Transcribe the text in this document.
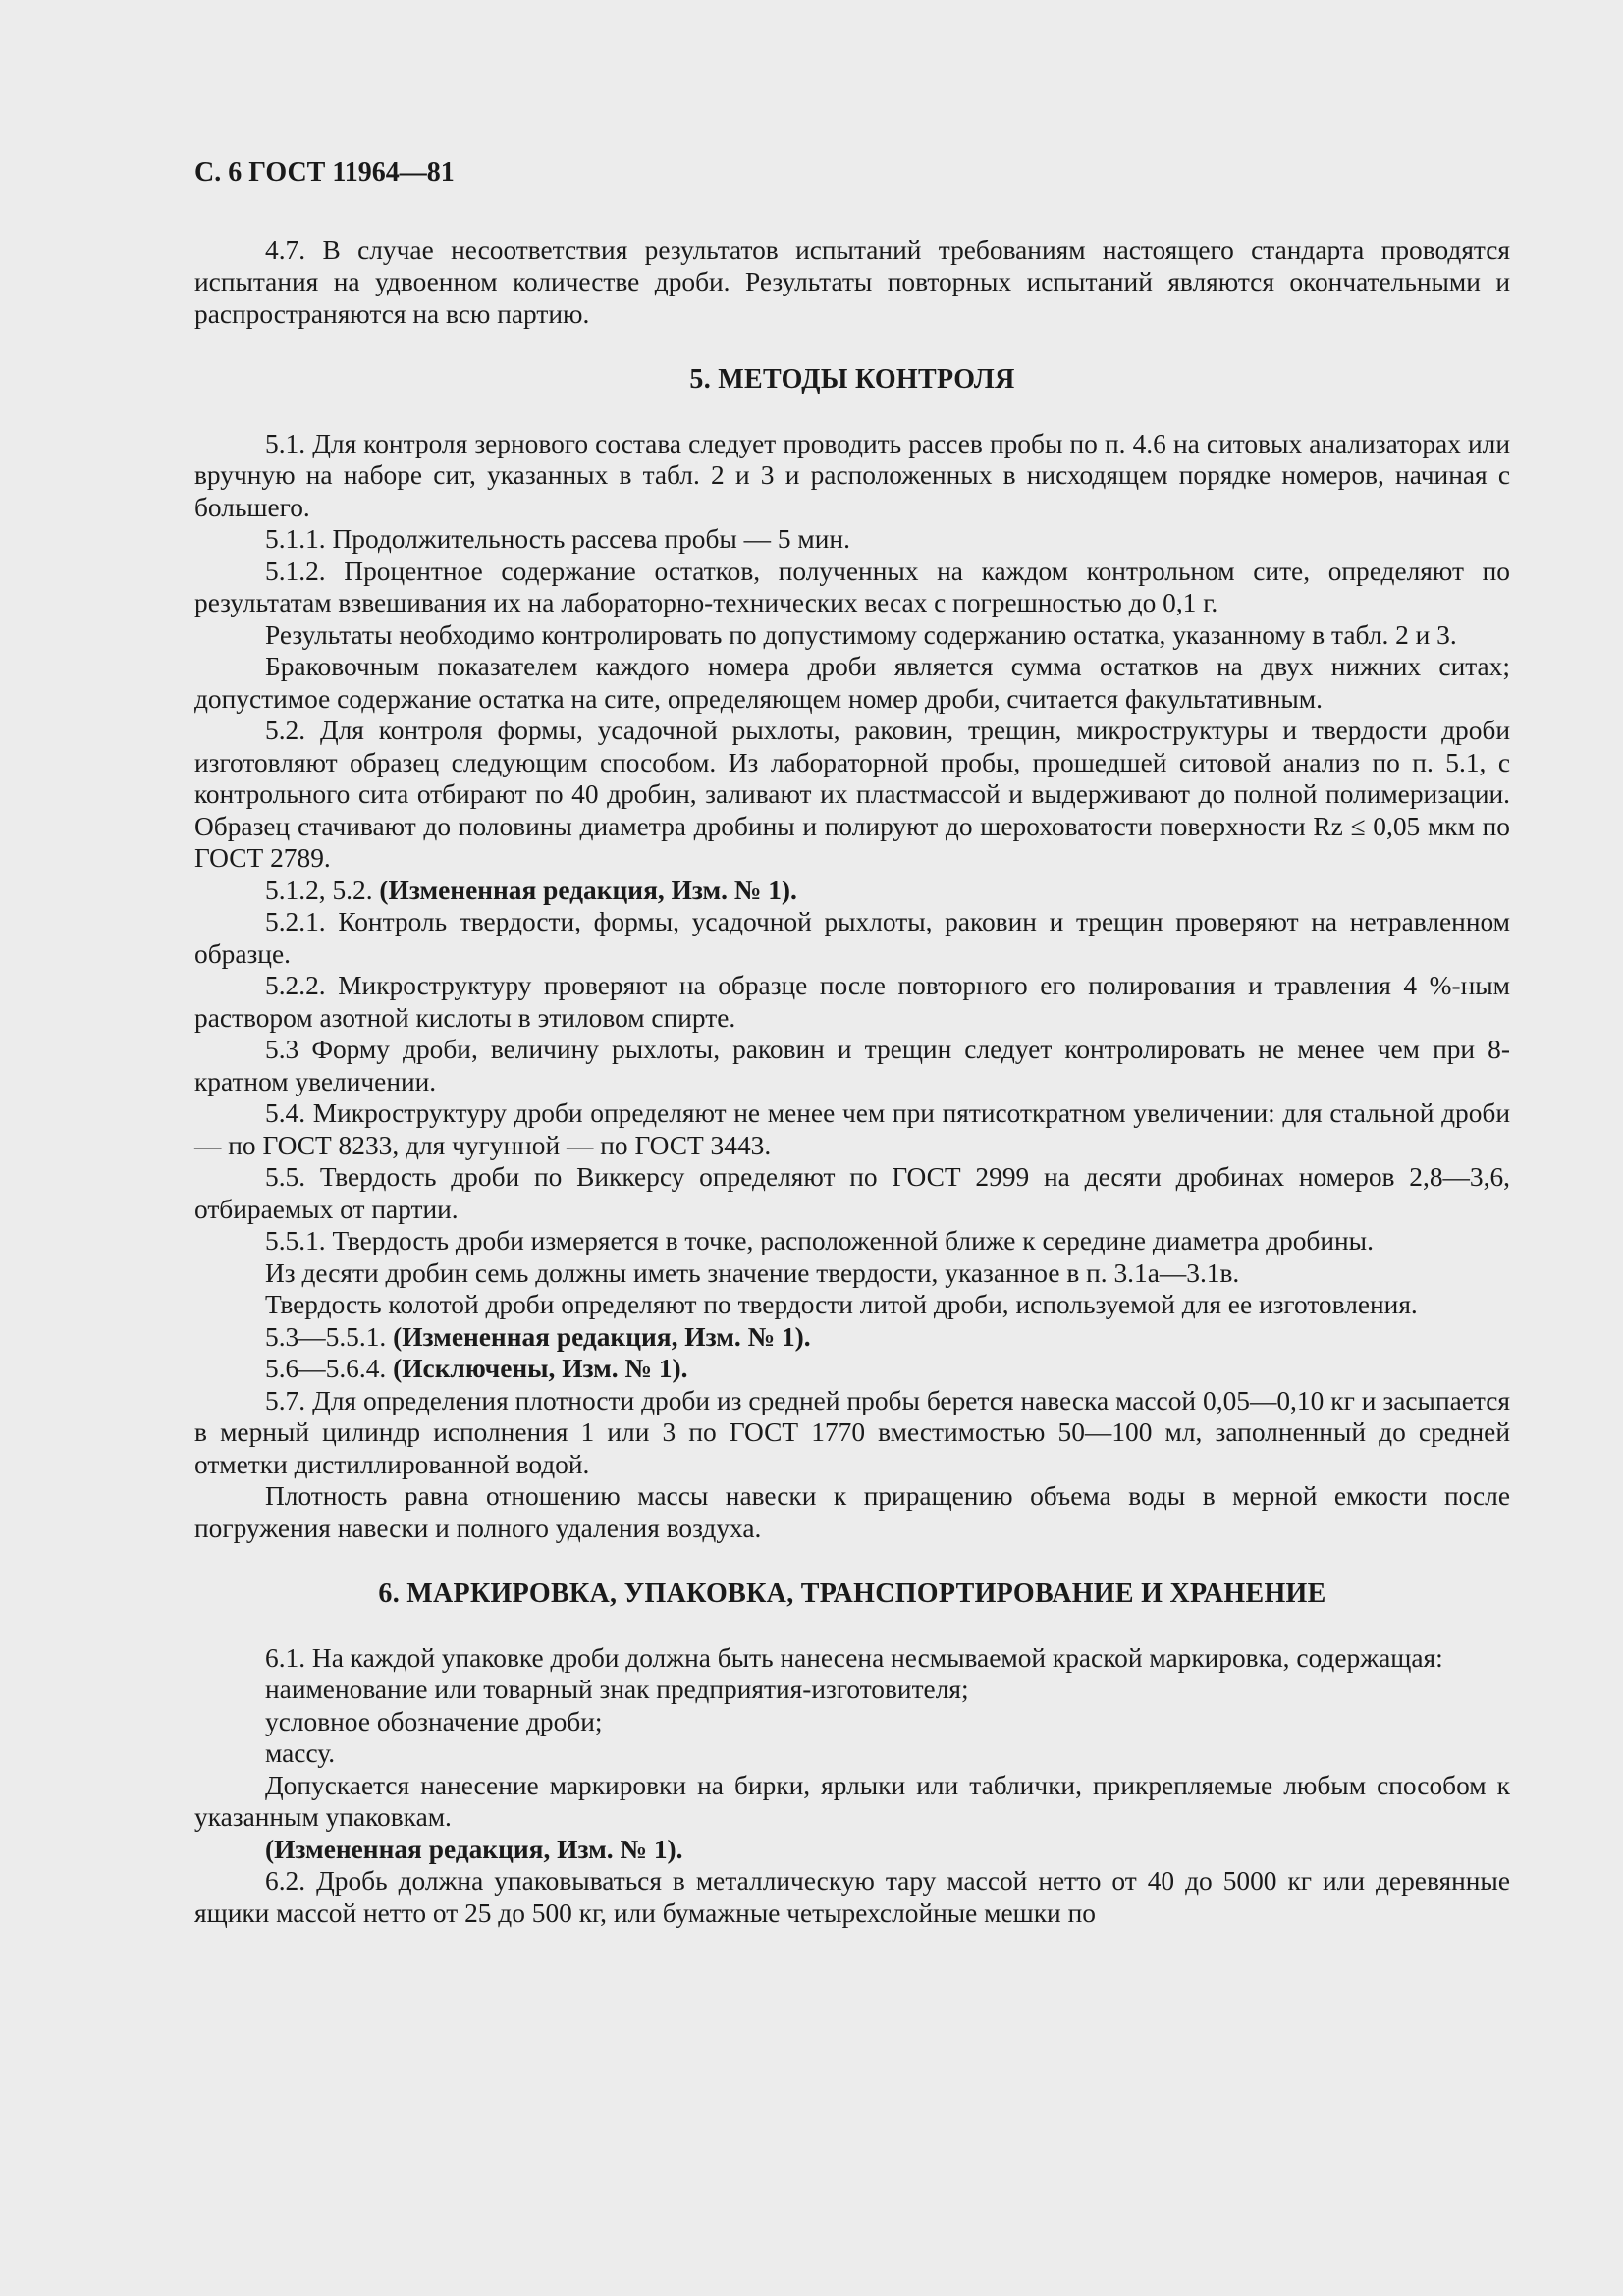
С. 6 ГОСТ 11964—81

4.7. В случае несоответствия результатов испытаний требованиям настоящего стандарта проводятся испытания на удвоенном количестве дроби. Результаты повторных испытаний являются окончательными и распространяются на всю партию.

5. МЕТОДЫ КОНТРОЛЯ

5.1. Для контроля зернового состава следует проводить рассев пробы по п. 4.6 на ситовых анализаторах или вручную на наборе сит, указанных в табл. 2 и 3 и расположенных в нисходящем порядке номеров, начиная с большего.

5.1.1. Продолжительность рассева пробы — 5 мин.

5.1.2. Процентное содержание остатков, полученных на каждом контрольном сите, определяют по результатам взвешивания их на лабораторно-технических весах с погрешностью до 0,1 г.

Результаты необходимо контролировать по допустимому содержанию остатка, указанному в табл. 2 и 3.

Браковочным показателем каждого номера дроби является сумма остатков на двух нижних ситах; допустимое содержание остатка на сите, определяющем номер дроби, считается факультативным.

5.2. Для контроля формы, усадочной рыхлоты, раковин, трещин, микроструктуры и твердости дроби изготовляют образец следующим способом. Из лабораторной пробы, прошедшей ситовой анализ по п. 5.1, с контрольного сита отбирают по 40 дробин, заливают их пластмассой и выдерживают до полной полимеризации. Образец стачивают до половины диаметра дробины и полируют до шероховатости поверхности Rz ≤ 0,05 мкм по ГОСТ 2789.

5.1.2, 5.2. (Измененная редакция, Изм. № 1).

5.2.1. Контроль твердости, формы, усадочной рыхлоты, раковин и трещин проверяют на нетравленном образце.

5.2.2. Микроструктуру проверяют на образце после повторного его полирования и травления 4 %-ным раствором азотной кислоты в этиловом спирте.

5.3 Форму дроби, величину рыхлоты, раковин и трещин следует контролировать не менее чем при 8-кратном увеличении.

5.4. Микроструктуру дроби определяют не менее чем при пятисоткратном увеличении: для стальной дроби — по ГОСТ 8233, для чугунной — по ГОСТ 3443.

5.5. Твердость дроби по Виккерсу определяют по ГОСТ 2999 на десяти дробинах номеров 2,8—3,6, отбираемых от партии.

5.5.1. Твердость дроби измеряется в точке, расположенной ближе к середине диаметра дробины.

Из десяти дробин семь должны иметь значение твердости, указанное в п. 3.1а—3.1в.

Твердость колотой дроби определяют по твердости литой дроби, используемой для ее изготовления.

5.3—5.5.1. (Измененная редакция, Изм. № 1).

5.6—5.6.4. (Исключены, Изм. № 1).

5.7. Для определения плотности дроби из средней пробы берется навеска массой 0,05—0,10 кг и засыпается в мерный цилиндр исполнения 1 или 3 по ГОСТ 1770 вместимостью 50—100 мл, заполненный до средней отметки дистиллированной водой.

Плотность равна отношению массы навески к приращению объема воды в мерной емкости после погружения навески и полного удаления воздуха.

6. МАРКИРОВКА, УПАКОВКА, ТРАНСПОРТИРОВАНИЕ И ХРАНЕНИЕ

6.1. На каждой упаковке дроби должна быть нанесена несмываемой краской маркировка, содержащая:

наименование или товарный знак предприятия-изготовителя;

условное обозначение дроби;

массу.

Допускается нанесение маркировки на бирки, ярлыки или таблички, прикрепляемые любым способом к указанным упаковкам.

(Измененная редакция, Изм. № 1).

6.2. Дробь должна упаковываться в металлическую тару массой нетто от 40 до 5000 кг или деревянные ящики массой нетто от 25 до 500 кг, или бумажные четырехслойные мешки по
